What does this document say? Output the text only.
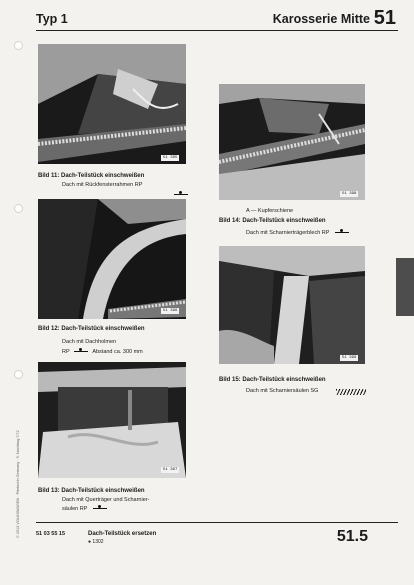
Typ 1	Karosserie Mitte 51
© 2013 VOLKSWAGEN · Printed in Germany · 9. Nachtrag 7/72
51 395
Bild 11: Dach-Teilstück einschweißen
Dach mit Rückfensterrahmen RP
51 396
Bild 12: Dach-Teilstück einschweißen
Dach mit Dachholmen
RP	Abstand ca. 300 mm
51 397
Bild 13: Dach-Teilstück einschweißen
Dach mit Querträger und Scharnier-
säulen RP
51 398
A — Kupferschiene
Bild 14: Dach-Teilstück einschweißen
Dach mit Scharnierträgerblech RP
51 399
Bild 15: Dach-Teilstück einschweißen
Dach mit Scharniersäulen SG
51 03 55 15	Dach-Teilstück ersetzen
● 1302	51.5
